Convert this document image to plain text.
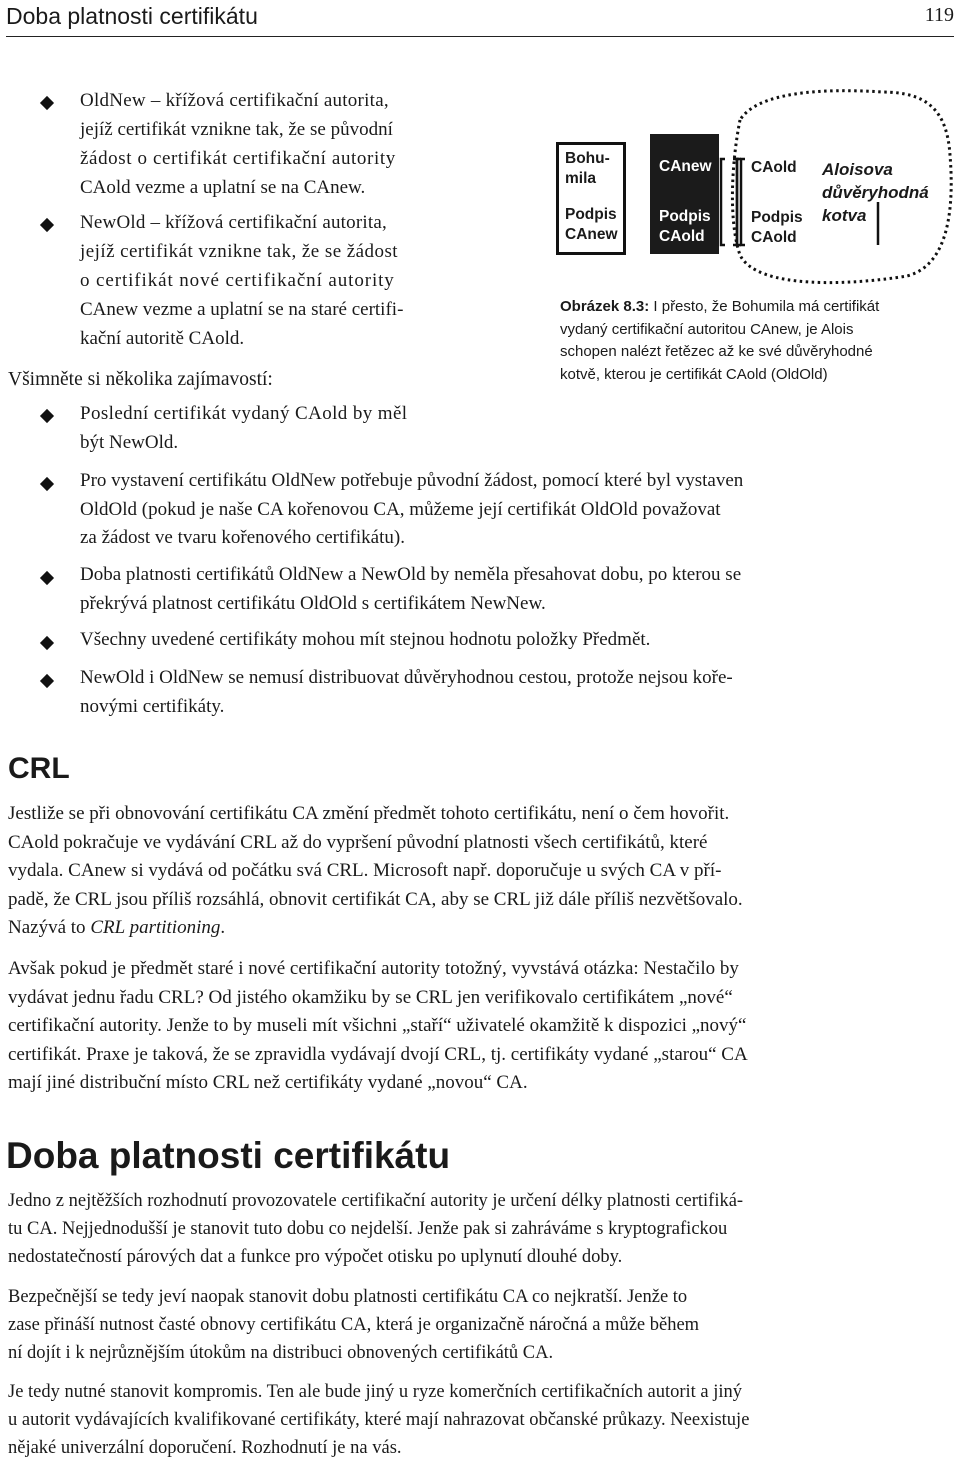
Doba platnosti certifikátu	119
OldNew – křížová certifikační autorita,
jejíž certifikát vznikne tak, že se původní
žádost o certifikát certifikační autority
CAold vezme a uplatní se na CAnew.
NewOld – křížová certifikační autorita,
jejíž certifikát vznikne tak, že se žádost
o certifikát nové certifikační autority
CAnew vezme a uplatní se na staré certifi-
kační autoritě CAold.
Všimněte si několika zajímavostí:
Poslední certifikát vydaný CAold by měl
být NewOld.
Bohu-
mila
Podpis
CAnew
CAnew
Podpis
CAold
CAold
Podpis
CAold
Aloisova
důvěryhodná
kotva
Obrázek 8.3: I přesto, že Bohumila má certifikát
vydaný certifikační autoritou CAnew, je Alois
schopen nalézt řetězec až ke své důvěryhodné
kotvě, kterou je certifikát CAold (OldOld)
Pro vystavení certifikátu OldNew potřebuje původní žádost, pomocí které byl vystaven
OldOld (pokud je naše CA kořenovou CA, můžeme její certifikát OldOld považovat
za žádost ve tvaru kořenového certifikátu).
Doba platnosti certifikátů OldNew a NewOld by neměla přesahovat dobu, po kterou se
překrývá platnost certifikátu OldOld s certifikátem NewNew.
Všechny uvedené certifikáty mohou mít stejnou hodnotu položky Předmět.
NewOld i OldNew se nemusí distribuovat důvěryhodnou cestou, protože nejsou koře-
novými certifikáty.
CRL
Jestliže se při obnovování certifikátu CA změní předmět tohoto certifikátu, není o čem hovořit.
CAold pokračuje ve vydávání CRL až do vypršení původní platnosti všech certifikátů, které
vydala. CAnew si vydává od počátku svá CRL. Microsoft např. doporučuje u svých CA v pří-
padě, že CRL jsou příliš rozsáhlá, obnovit certifikát CA, aby se CRL již dále příliš nezvětšovalo.
Nazývá to CRL partitioning.
Avšak pokud je předmět staré i nové certifikační autority totožný, vyvstává otázka: Nestačilo by
vydávat jednu řadu CRL? Od jistého okamžiku by se CRL jen verifikovalo certifikátem „nové“
certifikační autority. Jenže to by museli mít všichni „staří“ uživatelé okamžitě k dispozici „nový“
certifikát. Praxe je taková, že se zpravidla vydávají dvojí CRL, tj. certifikáty vydané „starou“ CA
mají jiné distribuční místo CRL než certifikáty vydané „novou“ CA.
Doba platnosti certifikátu
Jedno z nejtěžších rozhodnutí provozovatele certifikační autority je určení délky platnosti certifiká-
tu CA. Nejjednodušší je stanovit tuto dobu co nejdelší. Jenže pak si zahráváme s kryptografickou
nedostatečností párových dat a funkce pro výpočet otisku po uplynutí dlouhé doby.
Bezpečnější se tedy jeví naopak stanovit dobu platnosti certifikátu CA co nejkratší. Jenže to
zase přináší nutnost časté obnovy certifikátu CA, která je organizačně náročná a může během
ní dojít i k nejrůznějším útokům na distribuci obnovených certifikátů CA.
Je tedy nutné stanovit kompromis. Ten ale bude jiný u ryze komerčních certifikačních autorit a jiný
u autorit vydávajících kvalifikované certifikáty, které mají nahrazovat občanské průkazy. Neexistuje
nějaké univerzální doporučení. Rozhodnutí je na vás.
